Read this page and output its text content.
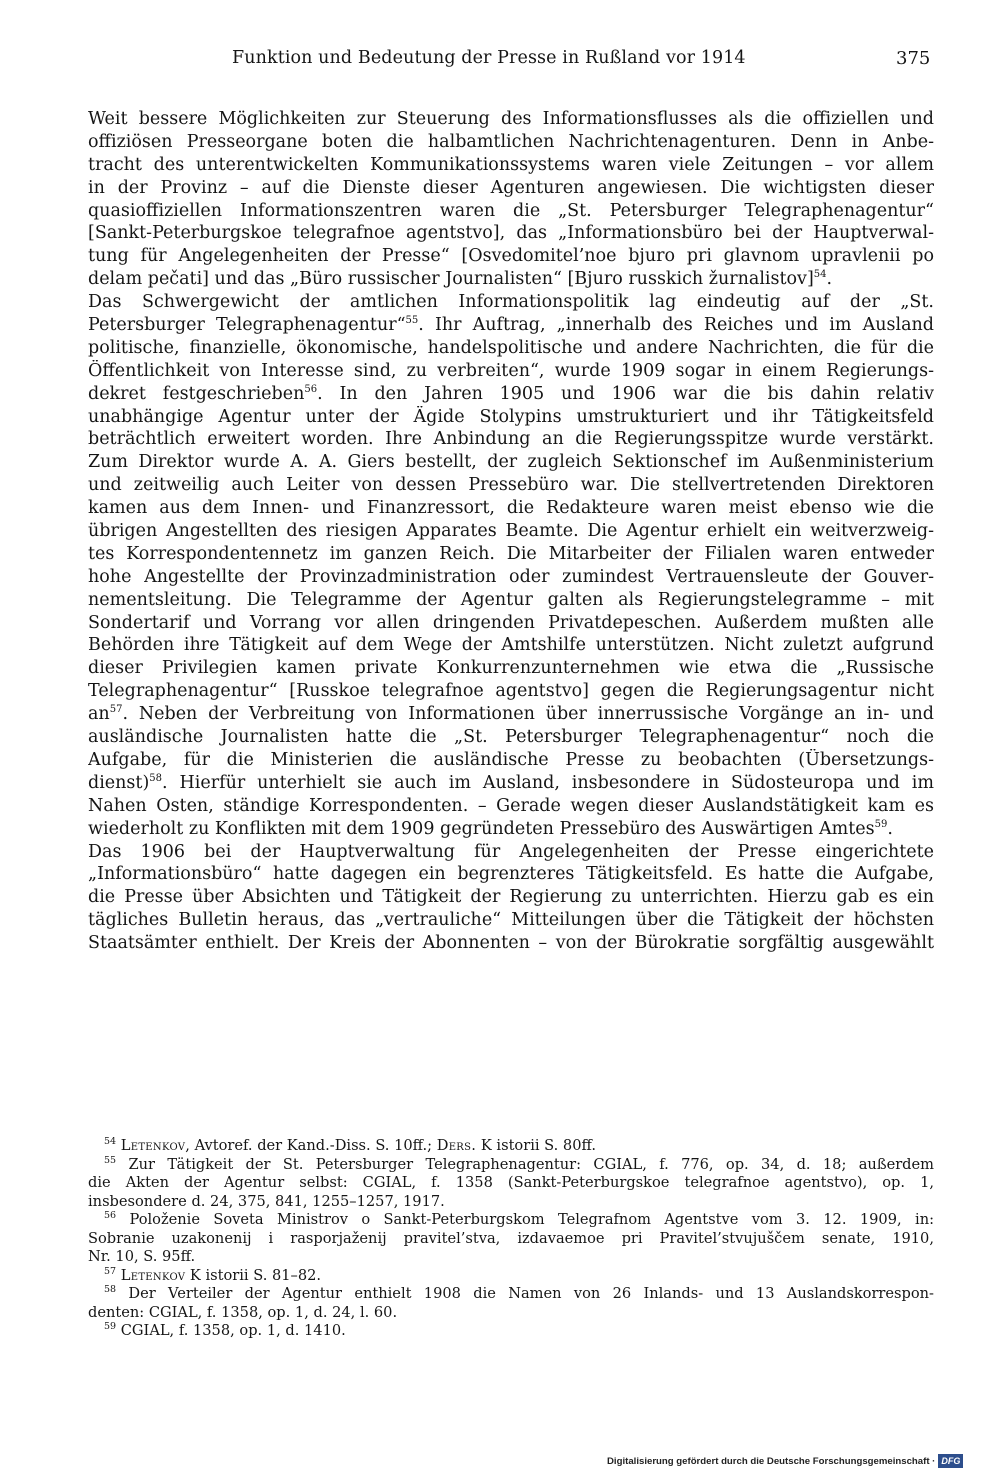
Funktion und Bedeutung der Presse in Rußland vor 1914	375
Weit bessere Möglichkeiten zur Steuerung des Informationsflusses als die offiziellen und
offiziösen Presseorgane boten die halbamtlichen Nachrichtenagenturen. Denn in Anbe-
tracht des unterentwickelten Kommunikationssystems waren viele Zeitungen – vor allem
in der Provinz – auf die Dienste dieser Agenturen angewiesen. Die wichtigsten dieser
quasioffiziellen Informationszentren waren die „St. Petersburger Telegraphenagentur“
[Sankt-Peterburgskoe telegrafnoe agentstvo], das „Informationsbüro bei der Hauptverwal-
tung für Angelegenheiten der Presse“ [Osvedomitel’noe bjuro pri glavnom upravlenii po
delam pečati] und das „Büro russischer Journalisten“ [Bjuro russkich žurnalistov]$^{54}$.
Das Schwergewicht der amtlichen Informationspolitik lag eindeutig auf der „St.
Petersburger Telegraphenagentur“$^{55}$. Ihr Auftrag, „innerhalb des Reiches und im Ausland
politische, finanzielle, ökonomische, handelspolitische und andere Nachrichten, die für die
Öffentlichkeit von Interesse sind, zu verbreiten“, wurde 1909 sogar in einem Regierungs-
dekret festgeschrieben$^{56}$. In den Jahren 1905 und 1906 war die bis dahin relativ
unabhängige Agentur unter der Ägide Stolypins umstrukturiert und ihr Tätigkeitsfeld
beträchtlich erweitert worden. Ihre Anbindung an die Regierungsspitze wurde verstärkt.
Zum Direktor wurde A. A. Giers bestellt, der zugleich Sektionschef im Außenministerium
und zeitweilig auch Leiter von dessen Pressebüro war. Die stellvertretenden Direktoren
kamen aus dem Innen- und Finanzressort, die Redakteure waren meist ebenso wie die
übrigen Angestellten des riesigen Apparates Beamte. Die Agentur erhielt ein weitverzweig-
tes Korrespondentennetz im ganzen Reich. Die Mitarbeiter der Filialen waren entweder
hohe Angestellte der Provinzadministration oder zumindest Vertrauensleute der Gouver-
nementsleitung. Die Telegramme der Agentur galten als Regierungstelegramme – mit
Sondertarif und Vorrang vor allen dringenden Privatdepeschen. Außerdem mußten alle
Behörden ihre Tätigkeit auf dem Wege der Amtshilfe unterstützen. Nicht zuletzt aufgrund
dieser Privilegien kamen private Konkurrenzunternehmen wie etwa die „Russische
Telegraphenagentur“ [Russkoe telegrafnoe agentstvo] gegen die Regierungsagentur nicht
$an^{57}$. Neben der Verbreitung von Informationen über innerrussische Vorgänge an in- und
ausländische Journalisten hatte die „St. Petersburger Telegraphenagentur“ noch die
Aufgabe, für die Ministerien die ausländische Presse zu beobachten (Übersetzungs-
dienst)$^{58}$. Hierfür unterhielt sie auch im Ausland, insbesondere in Südosteuropa und im
Nahen Osten, ständige Korrespondenten. – Gerade wegen dieser Auslandstätigkeit kam es
wiederholt zu Konflikten mit dem 1909 gegründeten Pressebüro des Auswärtigen Amtes$^{59}$.
Das 1906 bei der Hauptverwaltung für Angelegenheiten der Presse eingerichtete
„Informationsbüro“ hatte dagegen ein begrenzteres Tätigkeitsfeld. Es hatte die Aufgabe,
die Presse über Absichten und Tätigkeit der Regierung zu unterrichten. Hierzu gab es ein
tägliches Bulletin heraus, das „vertrauliche“ Mitteilungen über die Tätigkeit der höchsten
Staatsämter enthielt. Der Kreis der Abonnenten – von der Bürokratie sorgfältig ausgewählt
$^{54}$ Letenkov, Avtoref. der Kand.-Diss. S. 10ff.; Ders. K istorii S. 80ff.
$^{55}$ Zur Tätigkeit der St. Petersburger Telegraphenagentur: CGIAL, f. 776, op. 34, d. 18; außerdem
die Akten der Agentur selbst: CGIAL, f. 1358 (Sankt-Peterburgskoe telegrafnoe agentstvo), op. 1,
insbesondere d. 24, 375, 841, 1255–1257, 1917.
$^{56}$ Položenie Soveta Ministrov o Sankt-Peterburgskom Telegrafnom Agentstve vom 3. 12. 1909, in:
Sobranie uzakonenij i rasporjaženij pravitel’stva, izdavaemoe pri Pravitel’stvujuščem senate, 1910,
Nr. 10, S. 95ff.
$^{57}$ Letenkov K istorii S. 81–82.
$^{58}$ Der Verteiler der Agentur enthielt 1908 die Namen von 26 Inlands- und 13 Auslandskorrespon-
denten: CGIAL, f. 1358, op. 1, d. 24, l. 60.
$^{59}$ CGIAL, f. 1358, op. 1, d. 1410.
Digitalisierung gefördert durch die Deutsche Forschungsgemeinschaft · DFG
